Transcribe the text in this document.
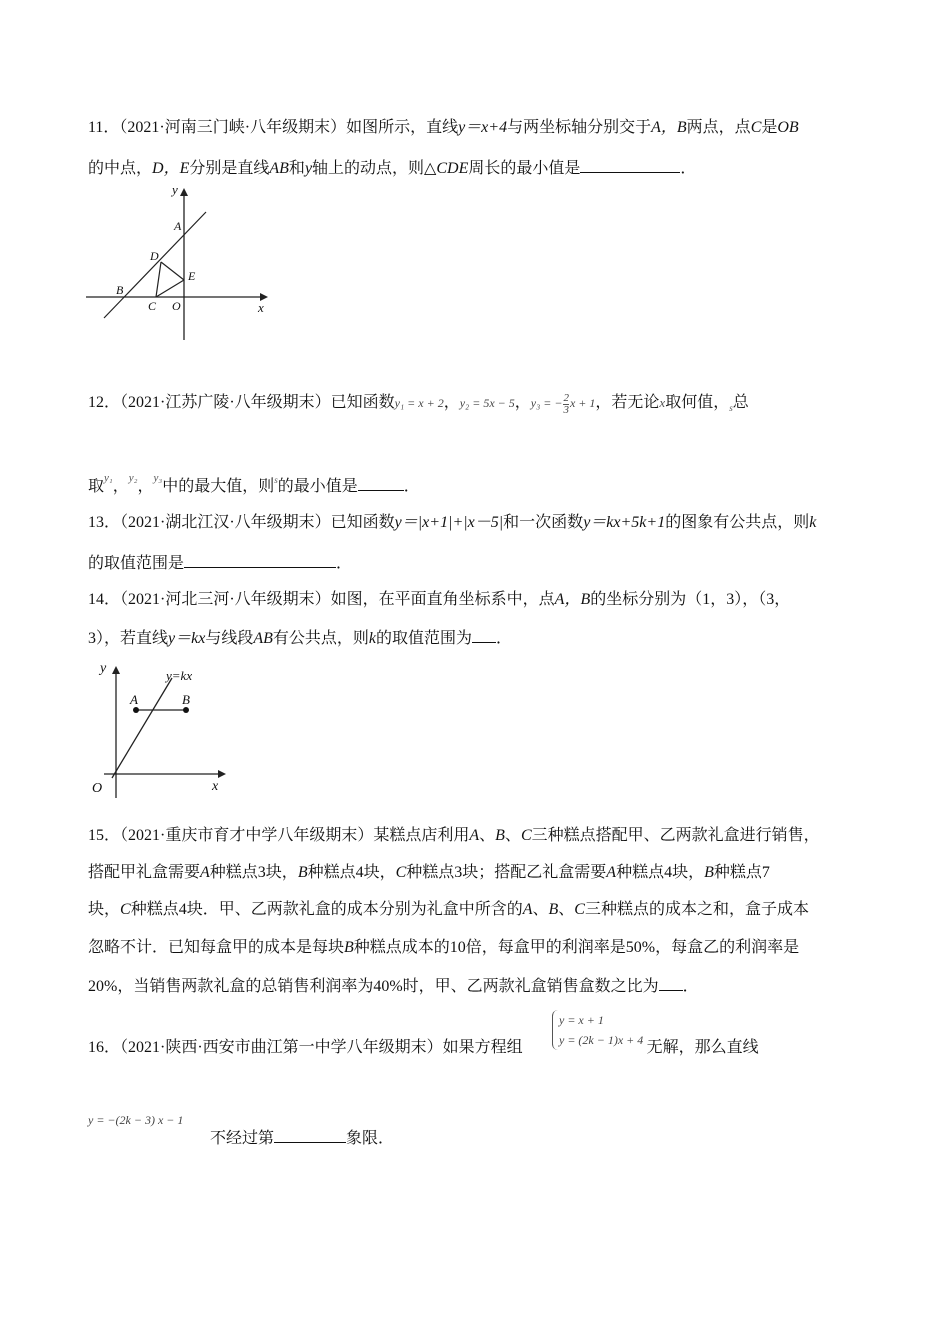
11．（2021·河南三门峡·八年级期末）如图所示，直线y＝x+4与两坐标轴分别交于A，B两点，点C是OB
的中点，D，E分别是直线AB和y轴上的动点，则△CDE周长的最小值是	．
y
A
D
E
B
C O	x
12．（2021·江苏广陵·八年级期末）已知函数y₁ = x + 2，y₂ = 5x − 5，y₃ = − $\frac{2}{3}$ x + 1，若无论x取何值，$_s$总
取$^{y_1}$，$^{y_2}$，$^{y_3}$中的最大值，则$^s$的最小值是	．
13．（2021·湖北江汉·八年级期末）已知函数y＝|x+1|+|x－5|和一次函数y＝kx+5k+1的图象有公共点，则k
的取值范围是	．
14．（2021·河北三河·八年级期末）如图，在平面直角坐标系中，点A，B的坐标分别为（1，3），（3，
3），若直线y＝kx与线段AB有公共点，则k的取值范围为 ．
y	y=kx
A	B
O	x
15．（2021·重庆市育才中学八年级期末）某糕点店利用A、B、C三种糕点搭配甲、乙两款礼盒进行销售，
搭配甲礼盒需要A种糕点3块，B种糕点4块，C种糕点3块；搭配乙礼盒需要A种糕点4块，B种糕点7
块，C种糕点4块．甲、乙两款礼盒的成本分别为礼盒中所含的A、B、C三种糕点的成本之和，盒子成本
忽略不计．已知每盒甲的成本是每块B种糕点成本的10倍，每盒甲的利润率是50%，每盒乙的利润率是
20%，当销售两款礼盒的总销售利润率为40%时，甲、乙两款礼盒销售盒数之比为 ．
16．（2021·陕西·西安市曲江第一中学八年级期末）如果方程组	无解，那么直线
y = x + 1
y = (2k − 1)x + 4
y = −(2k − 3) x − 1
不经过第	象限．
